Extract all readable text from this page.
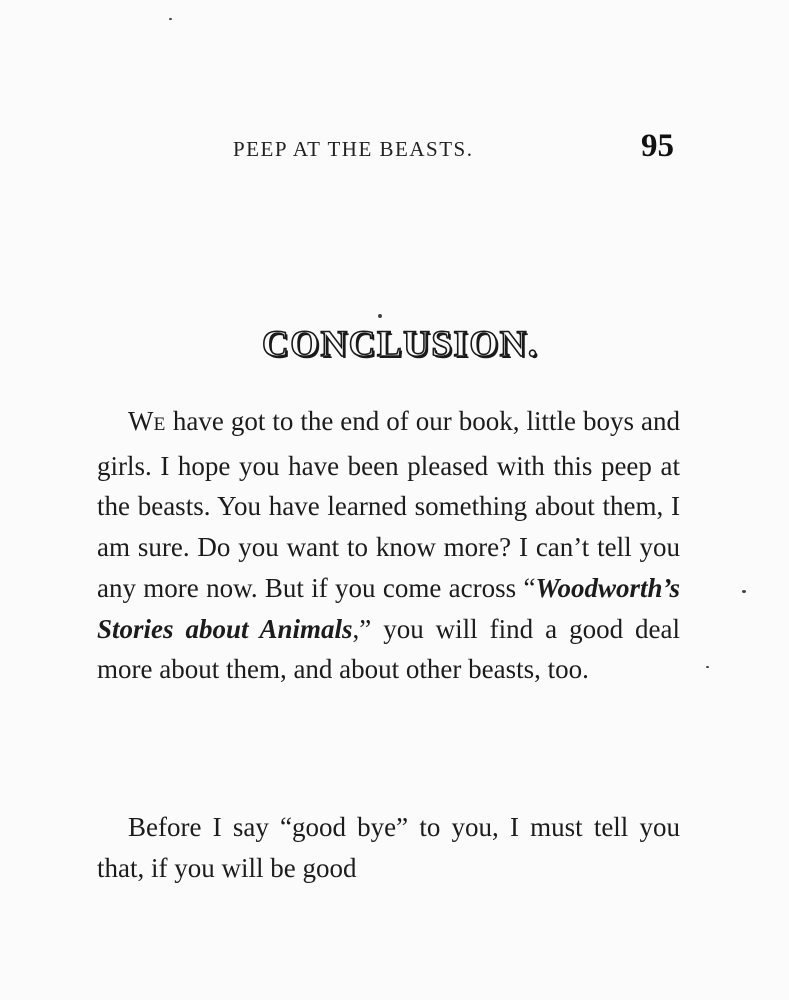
PEEP AT THE BEASTS.	95
CONCLUSION.

WE have got to the end of our book, little boys and girls. I hope you have been pleased with this peep at the beasts. You have learned something about them, I am sure. Do you want to know more? I can’t tell you any more now. But if you come across “Woodworth’s Stories about Animals,” you will find a good deal more about them, and about other beasts, too.

Before I say “good bye” to you, I must tell you that, if you will be good
